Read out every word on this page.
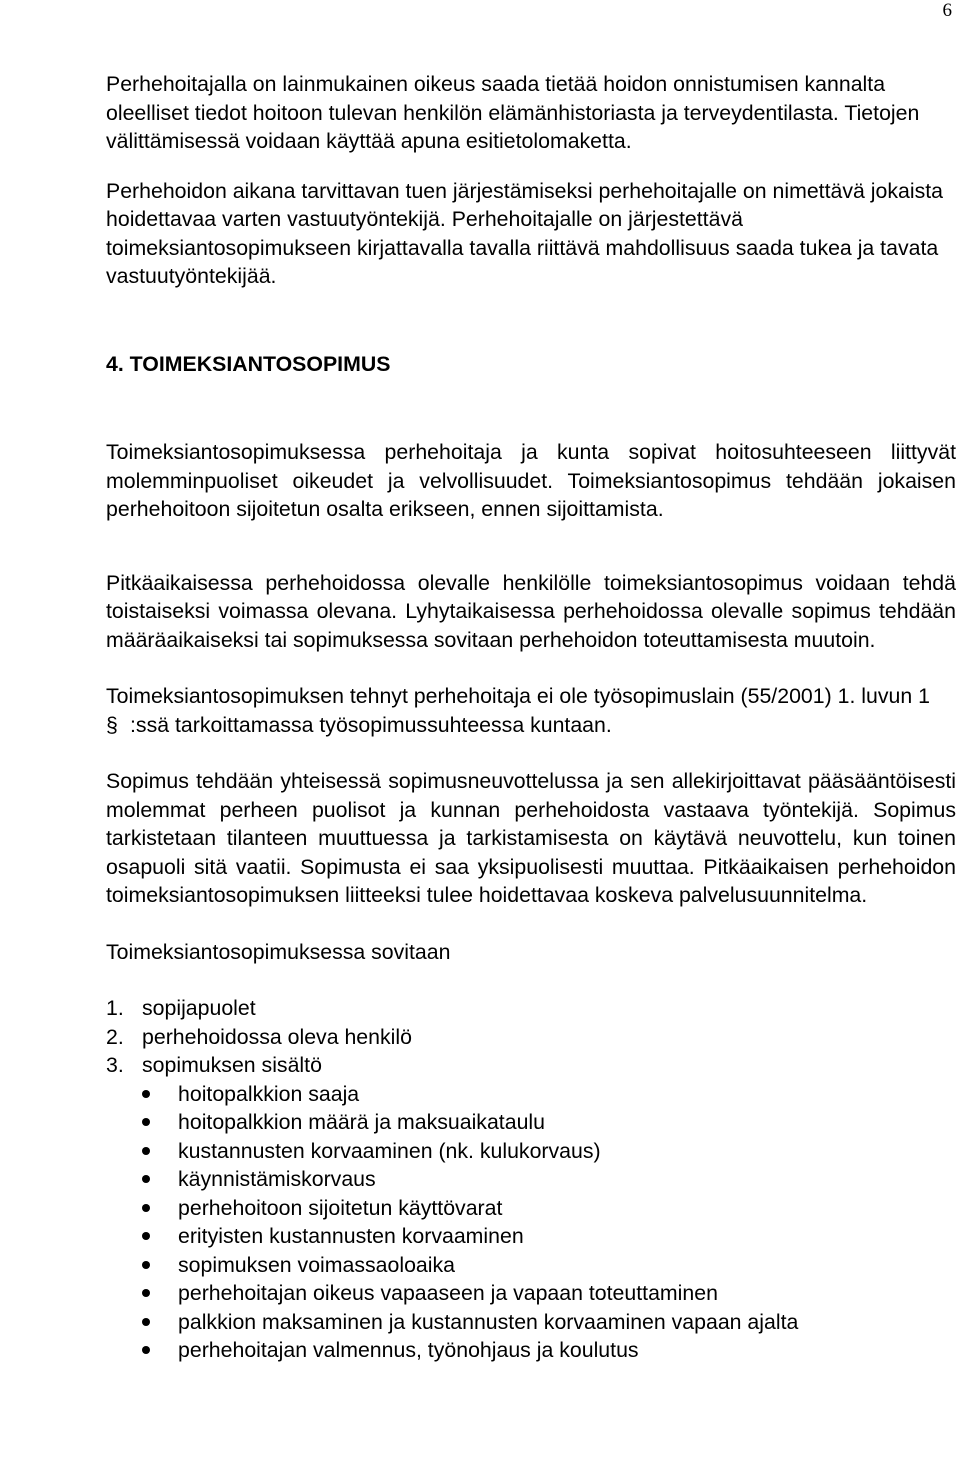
6

Perhehoitajalla on lainmukainen oikeus saada tietää hoidon onnistumisen kannalta oleelliset tiedot hoitoon tulevan henkilön elämänhistoriasta ja terveydentilasta. Tietojen välittämisessä voidaan käyttää apuna esitietolomaketta.

Perhehoidon aikana tarvittavan tuen järjestämiseksi perhehoitajalle on nimettävä jokaista hoidettavaa varten vastuutyöntekijä. Perhehoitajalle on järjestettävä toimeksiantosopimukseen kirjattavalla tavalla riittävä mahdollisuus saada tukea ja tavata vastuutyöntekijää.

4. TOIMEKSIANTOSOPIMUS

Toimeksiantosopimuksessa perhehoitaja ja kunta sopivat hoitosuhteeseen liittyvät molemminpuoliset oikeudet ja velvollisuudet. Toimeksiantosopimus tehdään jokaisen perhehoitoon sijoitetun osalta erikseen, ennen sijoittamista.

Pitkäaikaisessa perhehoidossa olevalle henkilölle toimeksiantosopimus voidaan tehdä toistaiseksi voimassa olevana. Lyhytaikaisessa perhehoidossa olevalle sopimus tehdään määräaikaiseksi tai sopimuksessa sovitaan perhehoidon toteuttamisesta muutoin.

Toimeksiantosopimuksen tehnyt perhehoitaja ei ole työsopimuslain (55/2001) 1. luvun 1 § :ssä tarkoittamassa työsopimussuhteessa kuntaan.

Sopimus tehdään yhteisessä sopimusneuvottelussa ja sen allekirjoittavat pääsääntöisesti molemmat perheen puolisot ja kunnan perhehoidosta vastaava työntekijä. Sopimus tarkistetaan tilanteen muuttuessa ja tarkistamisesta on käytävä neuvottelu, kun toinen osapuoli sitä vaatii. Sopimusta ei saa yksipuolisesti muuttaa. Pitkäaikaisen perhehoidon toimeksiantosopimuksen liitteeksi tulee hoidettavaa koskeva palvelusuunnitelma.

Toimeksiantosopimuksessa sovitaan

1. sopijapuolet
2. perhehoidossa oleva henkilö
3. sopimuksen sisältö
hoitopalkkion saaja
hoitopalkkion määrä ja maksuaikataulu
kustannusten korvaaminen (nk. kulukorvaus)
käynnistämiskorvaus
perhehoitoon sijoitetun käyttövarat
erityisten kustannusten korvaaminen
sopimuksen voimassaoloaika
perhehoitajan oikeus vapaaseen ja vapaan toteuttaminen
palkkion maksaminen ja kustannusten korvaaminen vapaan ajalta
perhehoitajan valmennus, työnohjaus ja koulutus
